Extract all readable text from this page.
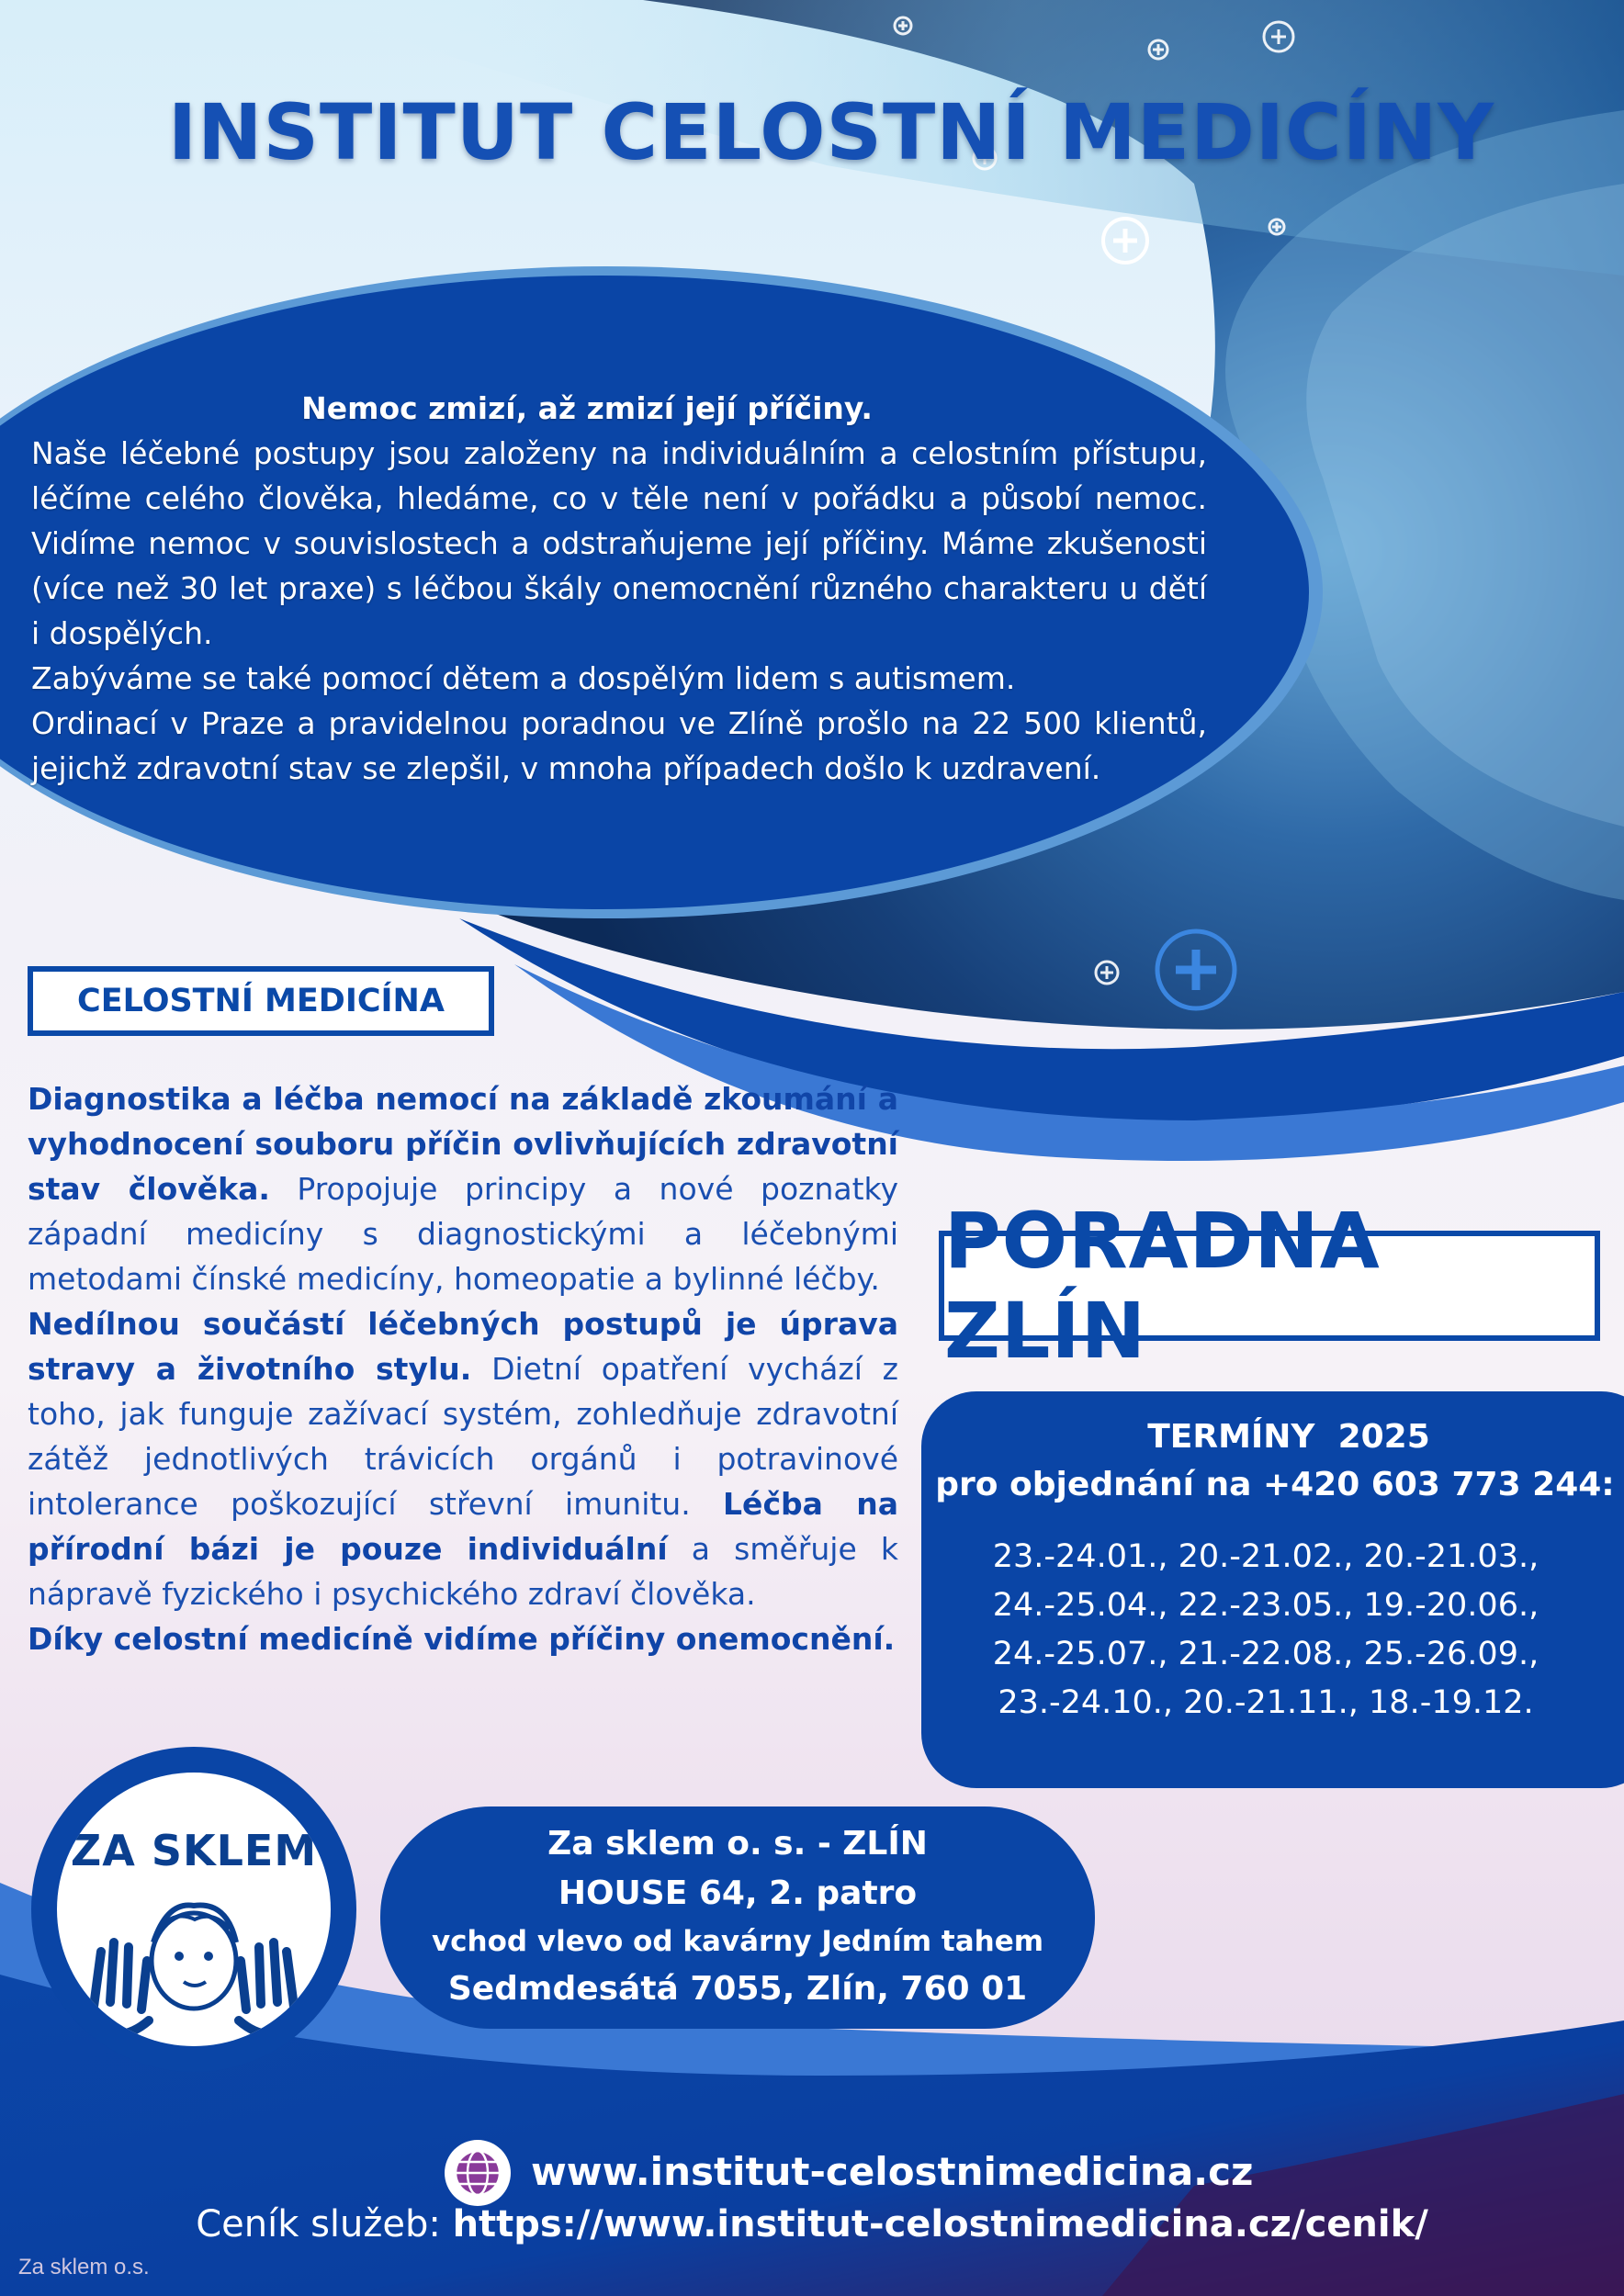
INSTITUT CELOSTNÍ MEDICÍNY
Nemoc zmizí, až zmizí její příčiny.

Naše léčebné postupy jsou založeny na individuálním a celostním přístupu, léčíme celého člověka, hledáme, co v těle není v pořádku a působí nemoc. Vidíme nemoc v souvislostech a odstraňujeme její příčiny. Máme zkušenosti (více než 30 let praxe) s léčbou škály onemocnění různého charakteru u dětí i dospělých.

Zabýváme se také pomocí dětem a dospělým lidem s autismem.

Ordinací v Praze a pravidelnou poradnou ve Zlíně prošlo na 22 500 klientů, jejichž zdravotní stav se zlepšil, v mnoha případech došlo k uzdravení.

CELOSTNÍ MEDICÍNA

Diagnostika a léčba nemocí na základě zkoumání a vyhodnocení souboru příčin ovlivňujících zdravotní stav člověka. Propojuje principy a nové poznatky západní medicíny s diagnostickými a léčebnými metodami čínské medicíny, homeopatie a bylinné léčby.

Nedílnou součástí léčebných postupů je úprava stravy a životního stylu. Dietní opatření vychází z toho, jak funguje zažívací systém, zohledňuje zdravotní zátěž jednotlivých trávicích orgánů i potravinové intolerance poškozující střevní imunitu. Léčba na přírodní bázi je pouze individuální a směřuje k nápravě fyzického i psychického zdraví člověka.

Díky celostní medicíně vidíme příčiny onemocnění.

PORADNA ZLÍN
TERMÍNY  2025
pro objednání na +420 603 773 244:
23.-24.01., 20.-21.02., 20.-21.03.,
24.-25.04., 22.-23.05., 19.-20.06.,
24.-25.07., 21.-22.08., 25.-26.09.,
23.-24.10., 20.-21.11., 18.-19.12.
ZA SKLEM	Za sklem o. s. - ZLÍN
HOUSE 64, 2. patro
vchod vlevo od kavárny Jedním tahem
Sedmdesátá 7055, Zlín, 760 01
www.institut-celostnimedicina.cz
Ceník služeb: https://www.institut-celostnimedicina.cz/cenik/
Za sklem o.s.
